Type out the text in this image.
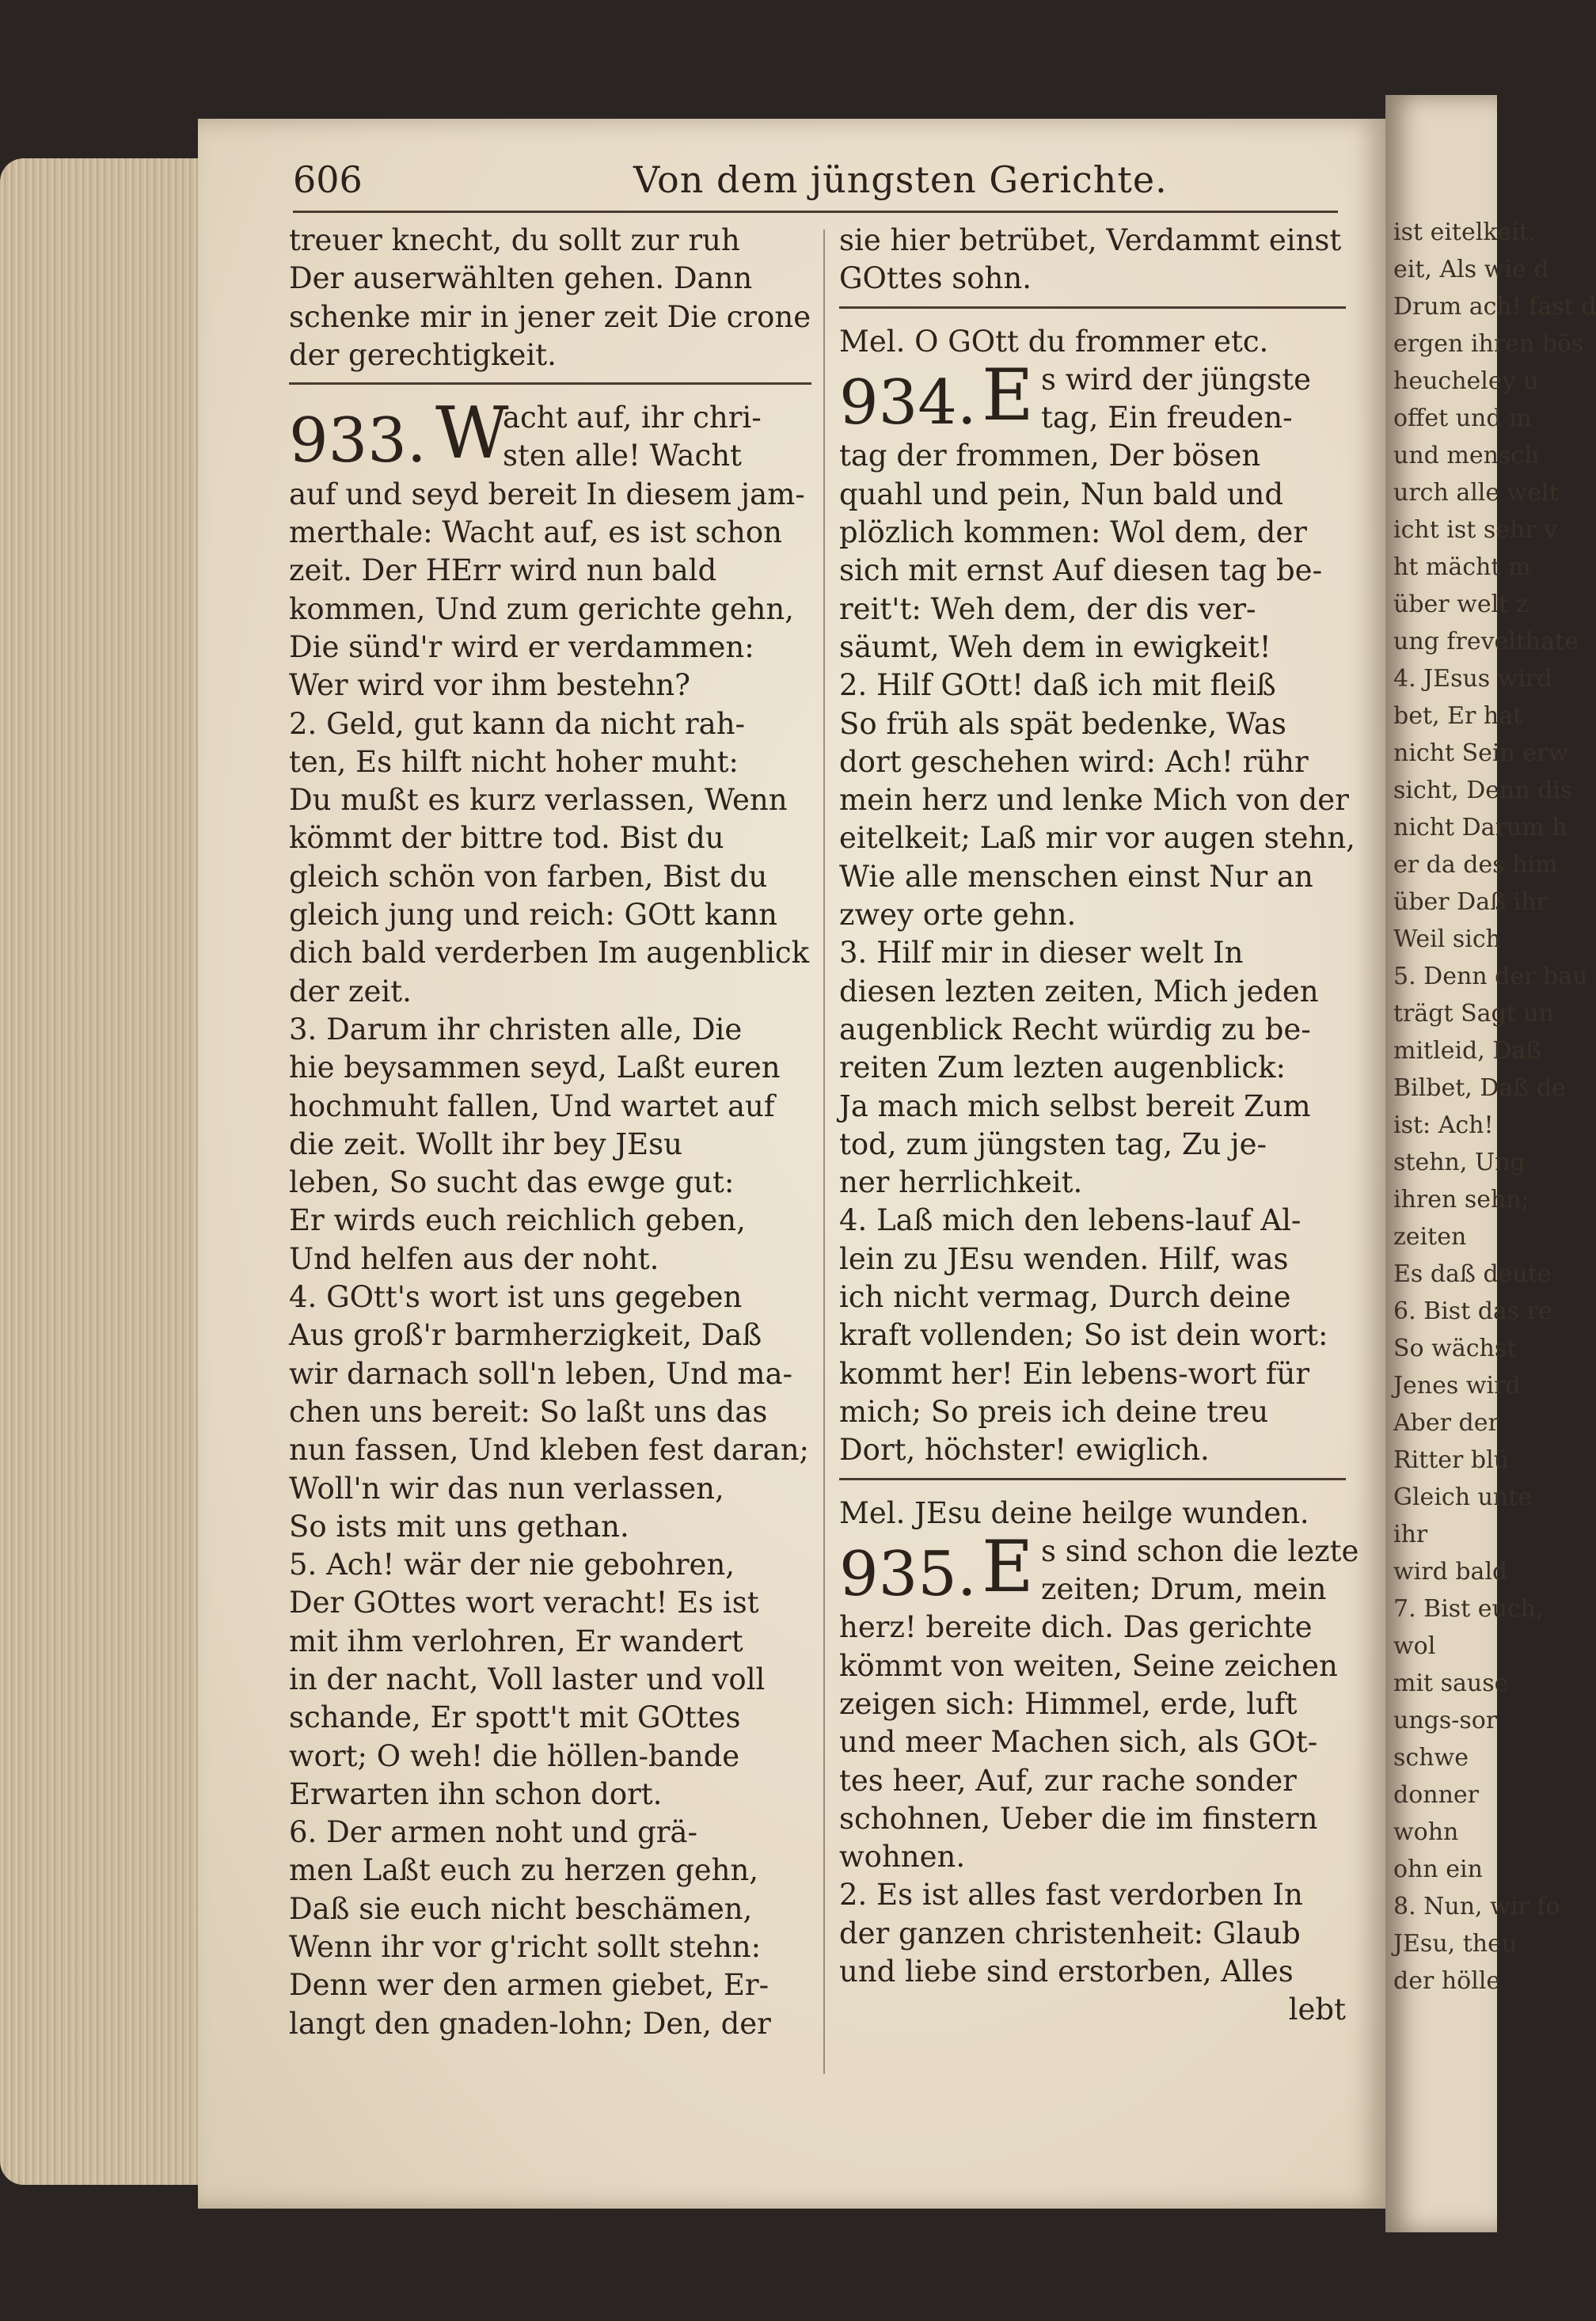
ist eitelkeit.

eit, Als wie d

Drum ach! fast d

ergen ihren bös

heucheley u

offet und m

und mensch

urch alle welt

icht ist sehr v

ht mächt m

über welt z

ung frevelthate

4. JEsus wird

bet, Er hat

nicht Sein erw

sicht, Denn dis

nicht Darum h

er da des him

über Daß ihr

Weil sich

5. Denn der bau

trägt Sagt un

mitleid, Daß

Bilbet, Daß de

ist: Ach!

stehn, Ung

ihren sehn;

zeiten

Es daß deute

6. Bist das re

So wächst

Jenes wird

Aber der

Ritter blü

Gleich unte

ihr

wird bald

7. Bist euch,

wol

mit sause

ungs-sor

schwe

donner

wohn

ohn ein

8. Nun, wir fo

JEsu, theu

der hölle

606	Von dem jüngsten Gerichte.

treuer knecht, du sollt zur ruh

Der auserwählten gehen. Dann

schenke mir in jener zeit Die crone

der gerechtigkeit.

933. W
acht auf, ihr chri-
sten alle! Wacht

auf und seyd bereit In diesem jam-

merthale: Wacht auf, es ist schon

zeit. Der HErr wird nun bald

kommen, Und zum gerichte gehn,

Die sünd'r wird er verdammen:

Wer wird vor ihm bestehn?

2. Geld, gut kann da nicht rah-

ten, Es hilft nicht hoher muht:

Du mußt es kurz verlassen, Wenn

kömmt der bittre tod. Bist du

gleich schön von farben, Bist du

gleich jung und reich: GOtt kann

dich bald verderben Im augenblick

der zeit.

3. Darum ihr christen alle, Die

hie beysammen seyd, Laßt euren

hochmuht fallen, Und wartet auf

die zeit. Wollt ihr bey JEsu

leben, So sucht das ewge gut:

Er wirds euch reichlich geben,

Und helfen aus der noht.

4. GOtt's wort ist uns gegeben

Aus groß'r barmherzigkeit, Daß

wir darnach soll'n leben, Und ma-

chen uns bereit: So laßt uns das

nun fassen, Und kleben fest daran;

Woll'n wir das nun verlassen,

So ists mit uns gethan.

5. Ach! wär der nie gebohren,

Der GOttes wort veracht! Es ist

mit ihm verlohren, Er wandert

in der nacht, Voll laster und voll

schande, Er spott't mit GOttes

wort; O weh! die höllen-bande

Erwarten ihn schon dort.

6. Der armen noht und grä-

men Laßt euch zu herzen gehn,

Daß sie euch nicht beschämen,

Wenn ihr vor g'richt sollt stehn:

Denn wer den armen giebet, Er-

langt den gnaden-lohn; Den, der

sie hier betrübet, Verdammt einst

GOttes sohn.

Mel. O GOtt du frommer etc.

934. E s wird der jüngste
tag, Ein freuden-

tag der frommen, Der bösen

quahl und pein, Nun bald und

plözlich kommen: Wol dem, der

sich mit ernst Auf diesen tag be-

reit't: Weh dem, der dis ver-

säumt, Weh dem in ewigkeit!

2. Hilf GOtt! daß ich mit fleiß

So früh als spät bedenke, Was

dort geschehen wird: Ach! rühr

mein herz und lenke Mich von der

eitelkeit; Laß mir vor augen stehn,

Wie alle menschen einst Nur an

zwey orte gehn.

3. Hilf mir in dieser welt In

diesen lezten zeiten, Mich jeden

augenblick Recht würdig zu be-

reiten Zum lezten augenblick:

Ja mach mich selbst bereit Zum

tod, zum jüngsten tag, Zu je-

ner herrlichkeit.

4. Laß mich den lebens-lauf Al-

lein zu JEsu wenden. Hilf, was

ich nicht vermag, Durch deine

kraft vollenden; So ist dein wort:

kommt her! Ein lebens-wort für

mich; So preis ich deine treu

Dort, höchster! ewiglich.

Mel. JEsu deine heilge wunden.

935. E s sind schon die lezte
zeiten; Drum, mein

herz! bereite dich. Das gerichte

kömmt von weiten, Seine zeichen

zeigen sich: Himmel, erde, luft

und meer Machen sich, als GOt-

tes heer, Auf, zur rache sonder

schohnen, Ueber die im finstern

wohnen.

2. Es ist alles fast verdorben In

der ganzen christenheit: Glaub

und liebe sind erstorben, Alles

lebt
